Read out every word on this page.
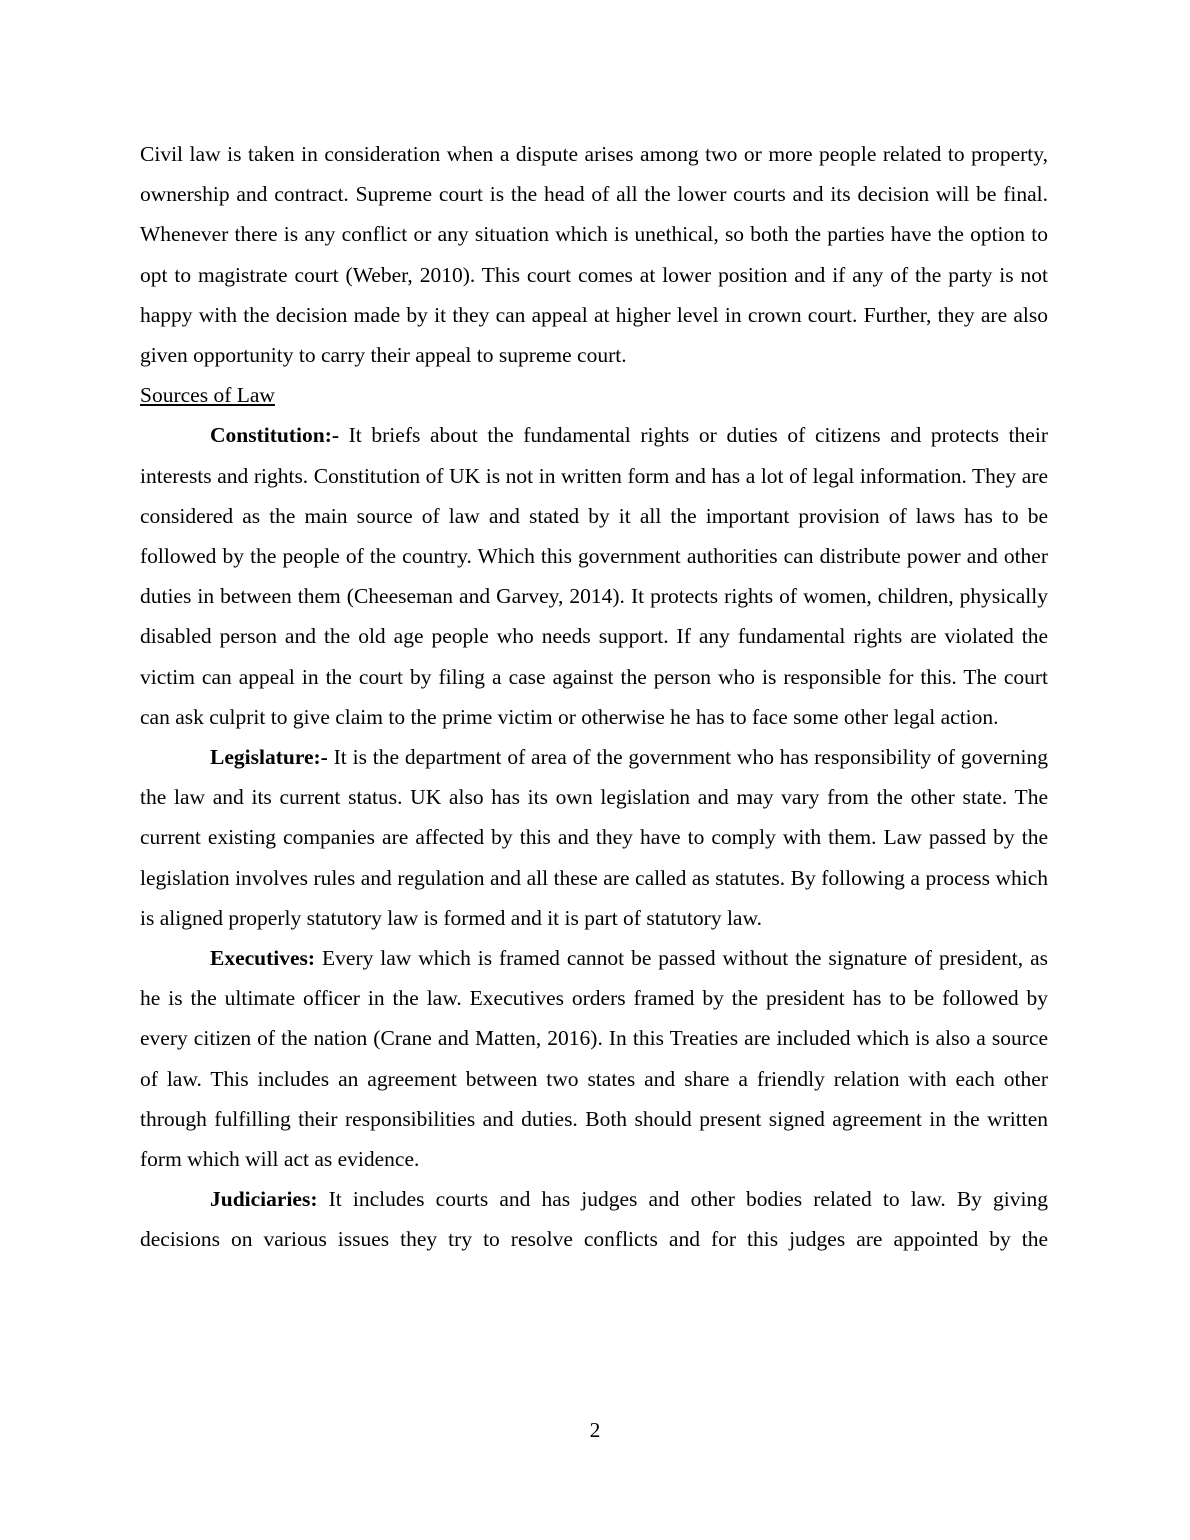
Civil law is taken in consideration when a dispute arises among two or more people related to property, ownership and contract. Supreme court is the head of all the lower courts and its decision will be final. Whenever there is any conflict or any situation which is unethical, so both the parties have the option to opt to magistrate court (Weber, 2010). This court comes at lower position and if any of the party is not happy with the decision made by it they can appeal at higher level in crown court. Further, they are also given opportunity to carry their appeal to supreme court.

Sources of Law

Constitution:- It briefs about the fundamental rights or duties of citizens and protects their interests and rights. Constitution of UK is not in written form and has a lot of legal information. They are considered as the main source of law and stated by it all the important provision of laws has to be followed by the people of the country. Which this government authorities can distribute power and other duties in between them (Cheeseman and Garvey, 2014). It protects rights of women, children, physically disabled person and the old age people who needs support. If any fundamental rights are violated the victim can appeal in the court by filing a case against the person who is responsible for this. The court can ask culprit to give claim to the prime victim or otherwise he has to face some other legal action.

Legislature:- It is the department of area of the government who has responsibility of governing the law and its current status. UK also has its own legislation and may vary from the other state. The current existing companies are affected by this and they have to comply with them. Law passed by the legislation involves rules and regulation and all these are called as statutes. By following a process which is aligned properly statutory law is formed and it is part of statutory law.

Executives: Every law which is framed cannot be passed without the signature of president, as he is the ultimate officer in the law. Executives orders framed by the president has to be followed by every citizen of the nation (Crane and Matten, 2016). In this Treaties are included which is also a source of law. This includes an agreement between two states and share a friendly relation with each other through fulfilling their responsibilities and duties. Both should present signed agreement in the written form which will act as evidence.

Judiciaries: It includes courts and has judges and other bodies related to law. By giving decisions on various issues they try to resolve conflicts and for this judges are appointed by the

2
